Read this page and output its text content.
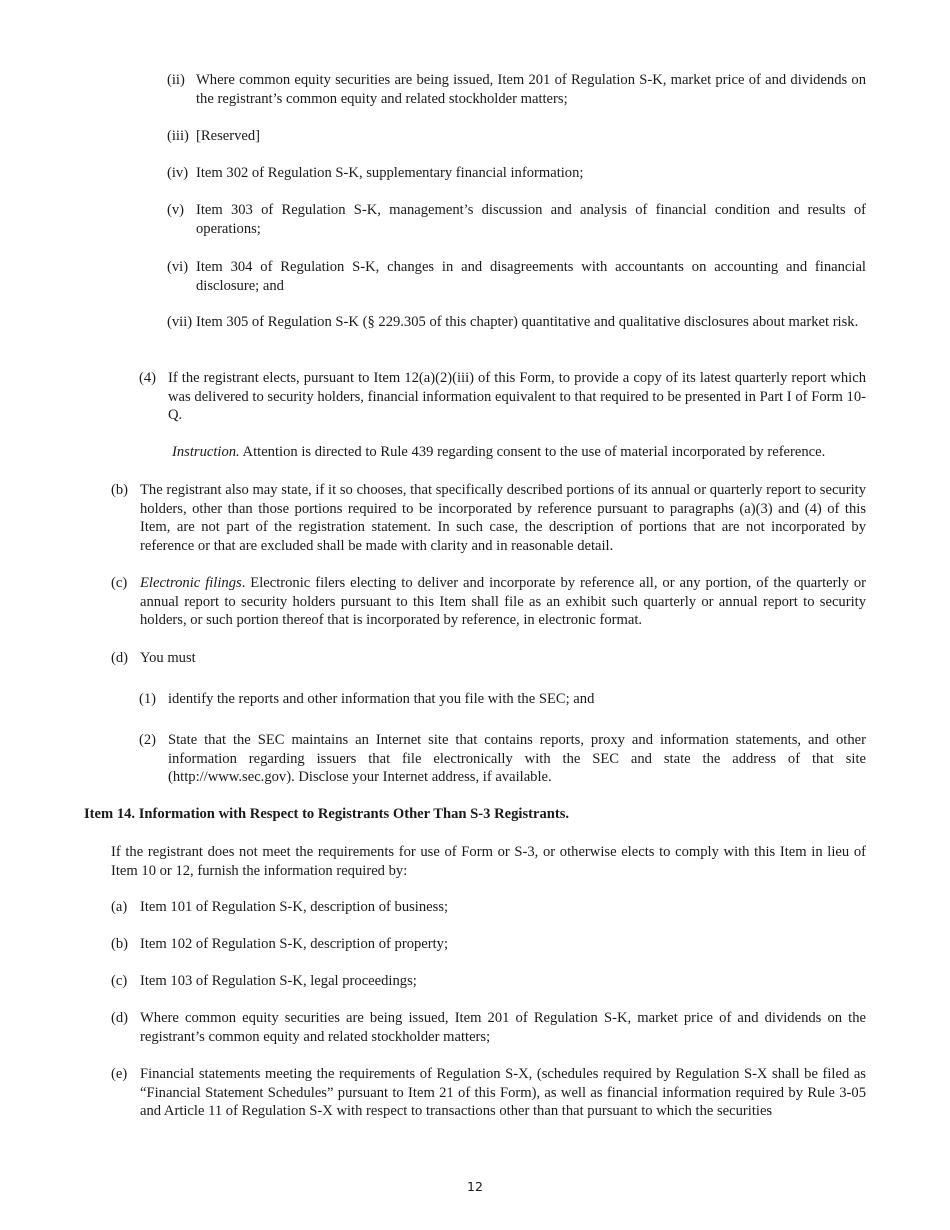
(ii) Where common equity securities are being issued, Item 201 of Regulation S-K, market price of and dividends on the registrant’s common equity and related stockholder matters;
(iii) [Reserved]
(iv) Item 302 of Regulation S-K, supplementary financial information;
(v) Item 303 of Regulation S-K, management’s discussion and analysis of financial condition and results of operations;
(vi) Item 304 of Regulation S-K, changes in and disagreements with accountants on accounting and financial disclosure; and
(vii) Item 305 of Regulation S-K (§ 229.305 of this chapter) quantitative and qualitative disclosures about market risk.
(4) If the registrant elects, pursuant to Item 12(a)(2)(iii) of this Form, to provide a copy of its latest quarterly report which was delivered to security holders, financial information equivalent to that required to be presented in Part I of Form 10-Q.
Instruction. Attention is directed to Rule 439 regarding consent to the use of material incorporated by reference.
(b) The registrant also may state, if it so chooses, that specifically described portions of its annual or quarterly report to security holders, other than those portions required to be incorporated by reference pursuant to paragraphs (a)(3) and (4) of this Item, are not part of the registration statement. In such case, the description of portions that are not incorporated by reference or that are excluded shall be made with clarity and in reasonable detail.
(c) Electronic filings. Electronic filers electing to deliver and incorporate by reference all, or any portion, of the quarterly or annual report to security holders pursuant to this Item shall file as an exhibit such quarterly or annual report to security holders, or such portion thereof that is incorporated by reference, in electronic format.
(d) You must
(1) identify the reports and other information that you file with the SEC; and
(2) State that the SEC maintains an Internet site that contains reports, proxy and information statements, and other information regarding issuers that file electronically with the SEC and state the address of that site (http://www.sec.gov). Disclose your Internet address, if available.
Item 14. Information with Respect to Registrants Other Than S-3 Registrants.
If the registrant does not meet the requirements for use of Form or S-3, or otherwise elects to comply with this Item in lieu of Item 10 or 12, furnish the information required by:
(a) Item 101 of Regulation S-K, description of business;
(b) Item 102 of Regulation S-K, description of property;
(c) Item 103 of Regulation S-K, legal proceedings;
(d) Where common equity securities are being issued, Item 201 of Regulation S-K, market price of and dividends on the registrant’s common equity and related stockholder matters;
(e) Financial statements meeting the requirements of Regulation S-X, (schedules required by Regulation S-X shall be filed as “Financial Statement Schedules” pursuant to Item 21 of this Form), as well as financial information required by Rule 3-05 and Article 11 of Regulation S-X with respect to transactions other than that pursuant to which the securities
12
